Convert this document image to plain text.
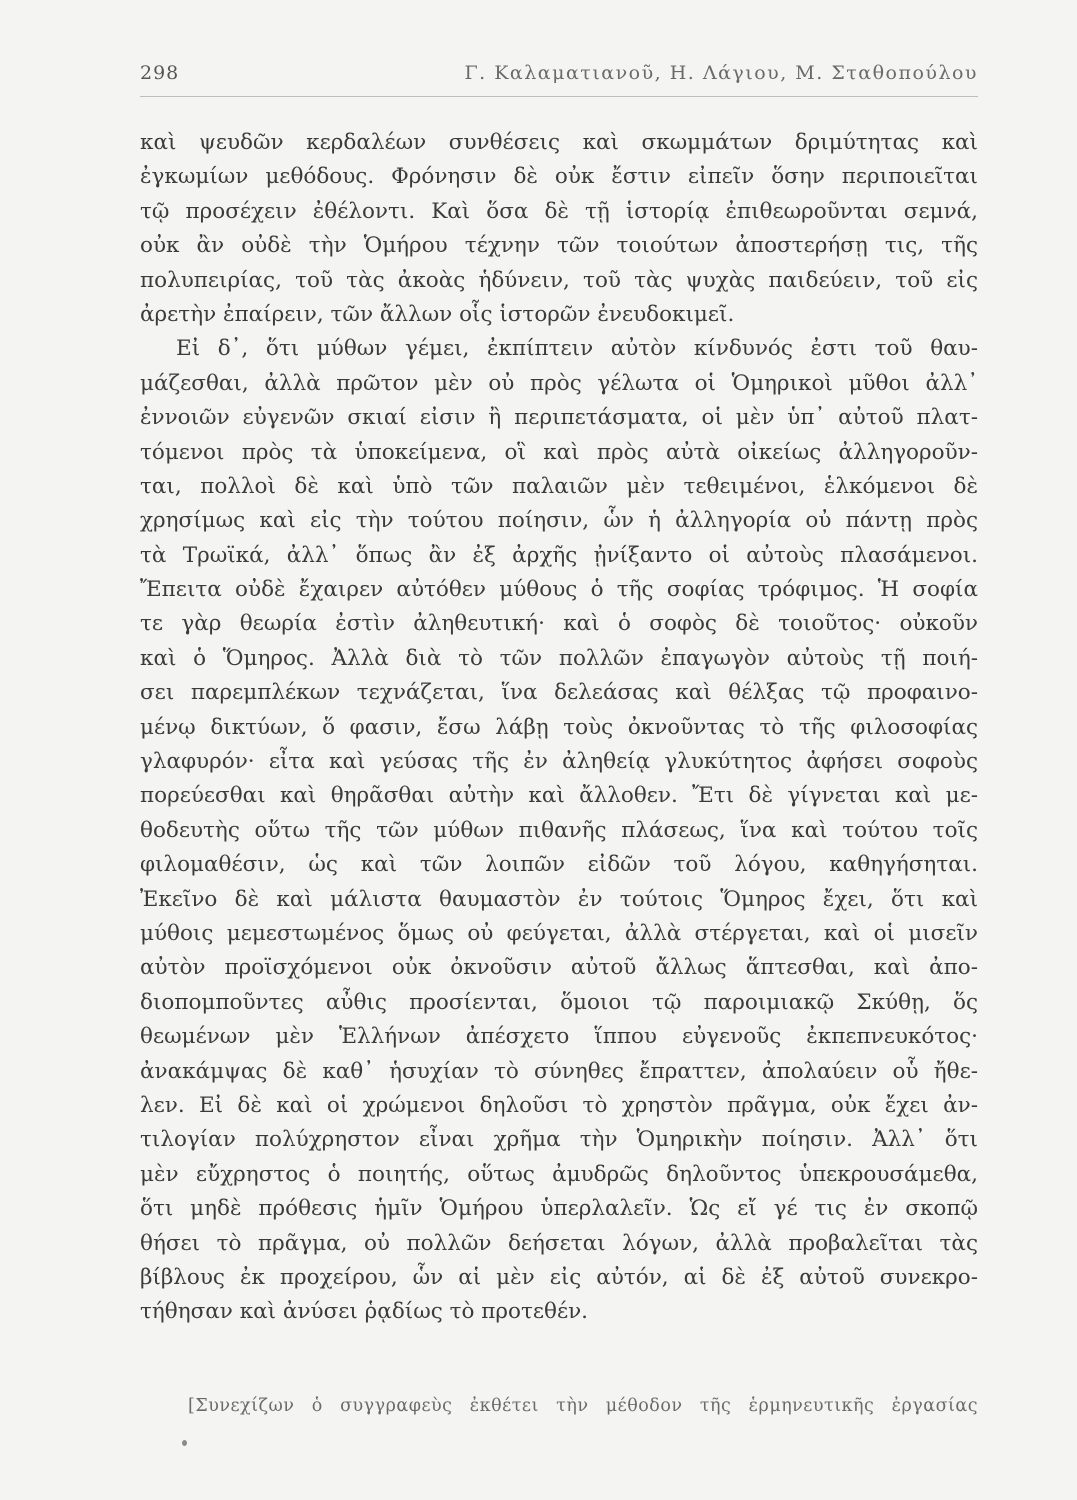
298	Γ. Καλαματιανοῦ, Η. Λάγιου, Μ. Σταθοπούλου
καὶ ψευδῶν κερδαλέων συνθέσεις καὶ σκωμμάτων δριμύτητας καὶ
ἐγκωμίων μεθόδους. Φρόνησιν δὲ οὐκ ἔστιν εἰπεῖν ὅσην περιποιεῖται
τῷ προσέχειν ἐθέλοντι. Καὶ ὅσα δὲ τῇ ἱστορίᾳ ἐπιθεωροῦνται σεμνά,
οὐκ ἂν οὐδὲ τὴν Ὁμήρου τέχνην τῶν τοιούτων ἀποστερήσῃ τις, τῆς
πολυπειρίας, τοῦ τὰς ἀκοὰς ἡδύνειν, τοῦ τὰς ψυχὰς παιδεύειν, τοῦ εἰς
ἀρετὴν ἐπαίρειν, τῶν ἄλλων οἷς ἱστορῶν ἐνευδοκιμεῖ.
Εἰ δ᾽, ὅτι μύθων γέμει, ἐκπίπτειν αὐτὸν κίνδυνός ἐστι τοῦ θαυ-
μάζεσθαι, ἀλλὰ πρῶτον μὲν οὐ πρὸς γέλωτα οἱ Ὁμηρικοὶ μῦθοι ἀλλ᾽
ἐννοιῶν εὐγενῶν σκιαί εἰσιν ἢ περιπετάσματα, οἱ μὲν ὑπ᾽ αὐτοῦ πλατ-
τόμενοι πρὸς τὰ ὑποκείμενα, οἳ καὶ πρὸς αὐτὰ οἰκείως ἀλληγοροῦν-
ται, πολλοὶ δὲ καὶ ὑπὸ τῶν παλαιῶν μὲν τεθειμένοι, ἑλκόμενοι δὲ
χρησίμως καὶ εἰς τὴν τούτου ποίησιν, ὧν ἡ ἀλληγορία οὐ πάντῃ πρὸς
τὰ Τρωϊκά, ἀλλ᾽ ὅπως ἂν ἐξ ἀρχῆς ᾐνίξαντο οἱ αὐτοὺς πλασάμενοι.
Ἔπειτα οὐδὲ ἔχαιρεν αὐτόθεν μύθους ὁ τῆς σοφίας τρόφιμος. Ἡ σοφία
τε γὰρ θεωρία ἐστὶν ἀληθευτική· καὶ ὁ σοφὸς δὲ τοιοῦτος· οὐκοῦν
καὶ ὁ Ὅμηρος. Ἀλλὰ διὰ τὸ τῶν πολλῶν ἐπαγωγὸν αὐτοὺς τῇ ποιή-
σει παρεμπλέκων τεχνάζεται, ἵνα δελεάσας καὶ θέλξας τῷ προφαινο-
μένῳ δικτύων, ὅ φασιν, ἔσω λάβῃ τοὺς ὀκνοῦντας τὸ τῆς φιλοσοφίας
γλαφυρόν· εἶτα καὶ γεύσας τῆς ἐν ἀληθείᾳ γλυκύτητος ἀφήσει σοφοὺς
πορεύεσθαι καὶ θηρᾶσθαι αὐτὴν καὶ ἄλλοθεν. Ἔτι δὲ γίγνεται καὶ με-
θοδευτὴς οὕτω τῆς τῶν μύθων πιθανῆς πλάσεως, ἵνα καὶ τούτου τοῖς
φιλομαθέσιν, ὡς καὶ τῶν λοιπῶν εἰδῶν τοῦ λόγου, καθηγήσηται.
Ἐκεῖνο δὲ καὶ μάλιστα θαυμαστὸν ἐν τούτοις Ὅμηρος ἔχει, ὅτι καὶ
μύθοις μεμεστωμένος ὅμως οὐ φεύγεται, ἀλλὰ στέργεται, καὶ οἱ μισεῖν
αὐτὸν προϊσχόμενοι οὐκ ὀκνοῦσιν αὐτοῦ ἄλλως ἅπτεσθαι, καὶ ἀπο-
διοπομποῦντες αὖθις προσίενται, ὅμοιοι τῷ παροιμιακῷ Σκύθῃ, ὅς
θεωμένων μὲν Ἑλλήνων ἀπέσχετο ἵππου εὐγενοῦς ἐκπεπνευκότος·
ἀνακάμψας δὲ καθ᾽ ἡσυχίαν τὸ σύνηθες ἔπραττεν, ἀπολαύειν οὗ ἤθε-
λεν. Εἰ δὲ καὶ οἱ χρώμενοι δηλοῦσι τὸ χρηστὸν πρᾶγμα, οὐκ ἔχει ἀν-
τιλογίαν πολύχρηστον εἶναι χρῆμα τὴν Ὁμηρικὴν ποίησιν. Ἀλλ᾽ ὅτι
μὲν εὔχρηστος ὁ ποιητής, οὕτως ἀμυδρῶς δηλοῦντος ὑπεκρουσάμεθα,
ὅτι μηδὲ πρόθεσις ἡμῖν Ὁμήρου ὑπερλαλεῖν. Ὡς εἴ γέ τις ἐν σκοπῷ
θήσει τὸ πρᾶγμα, οὐ πολλῶν δεήσεται λόγων, ἀλλὰ προβαλεῖται τὰς
βίβλους ἐκ προχείρου, ὧν αἱ μὲν εἰς αὐτόν, αἱ δὲ ἐξ αὐτοῦ συνεκρο-
τήθησαν καὶ ἀνύσει ῥᾳδίως τὸ προτεθέν.
[Συνεχίζων ὁ συγγραφεὺς ἐκθέτει τὴν μέθοδον τῆς ἑρμηνευτικῆς ἐργασίας
